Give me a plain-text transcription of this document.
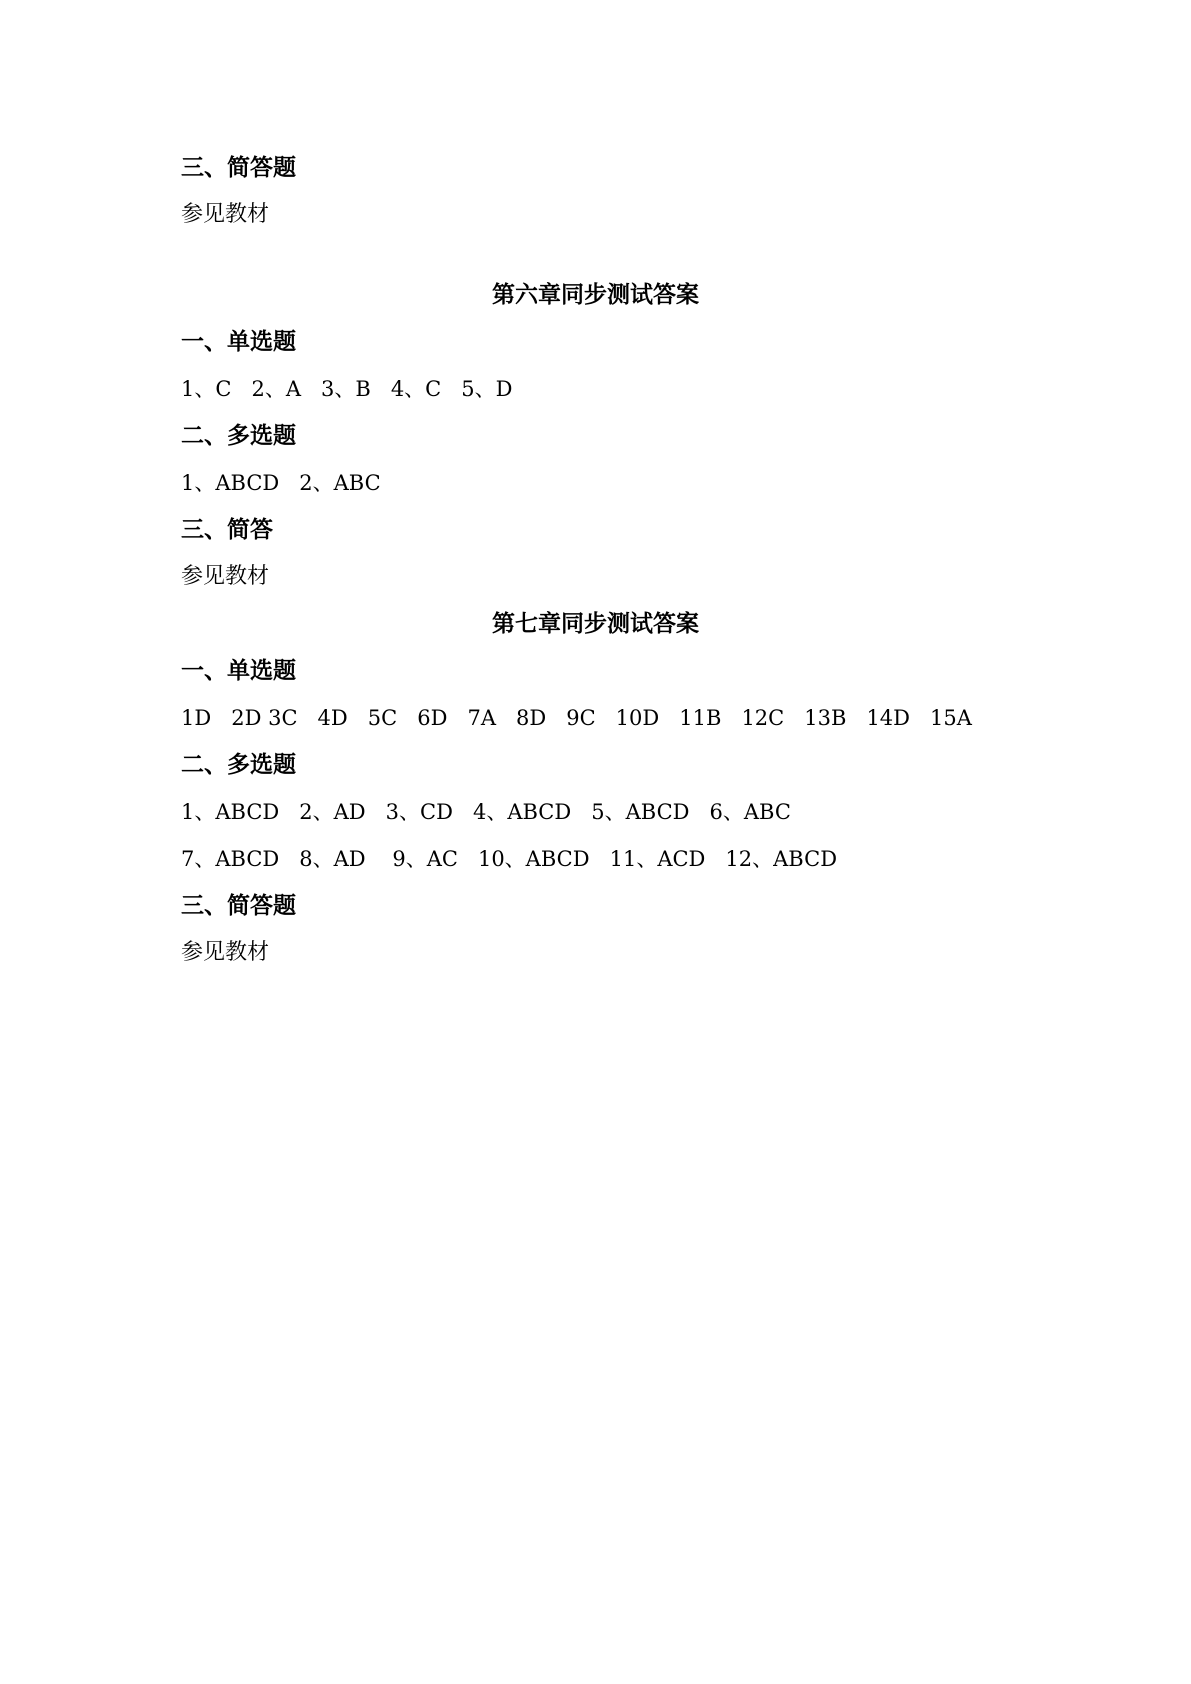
三、简答题
参见教材
第六章同步测试答案
一、单选题
1、C   2、A   3、B   4、C   5、D
二、多选题
1、ABCD   2、ABC
三、简答
参见教材
第七章同步测试答案
一、单选题
1D   2D 3C   4D   5C   6D   7A   8D   9C   10D   11B   12C   13B   14D   15A
二、多选题
1、ABCD   2、AD   3、CD   4、ABCD   5、ABCD   6、ABC
7、ABCD   8、AD    9、AC   10、ABCD   11、ACD   12、ABCD
三、简答题
参见教材
